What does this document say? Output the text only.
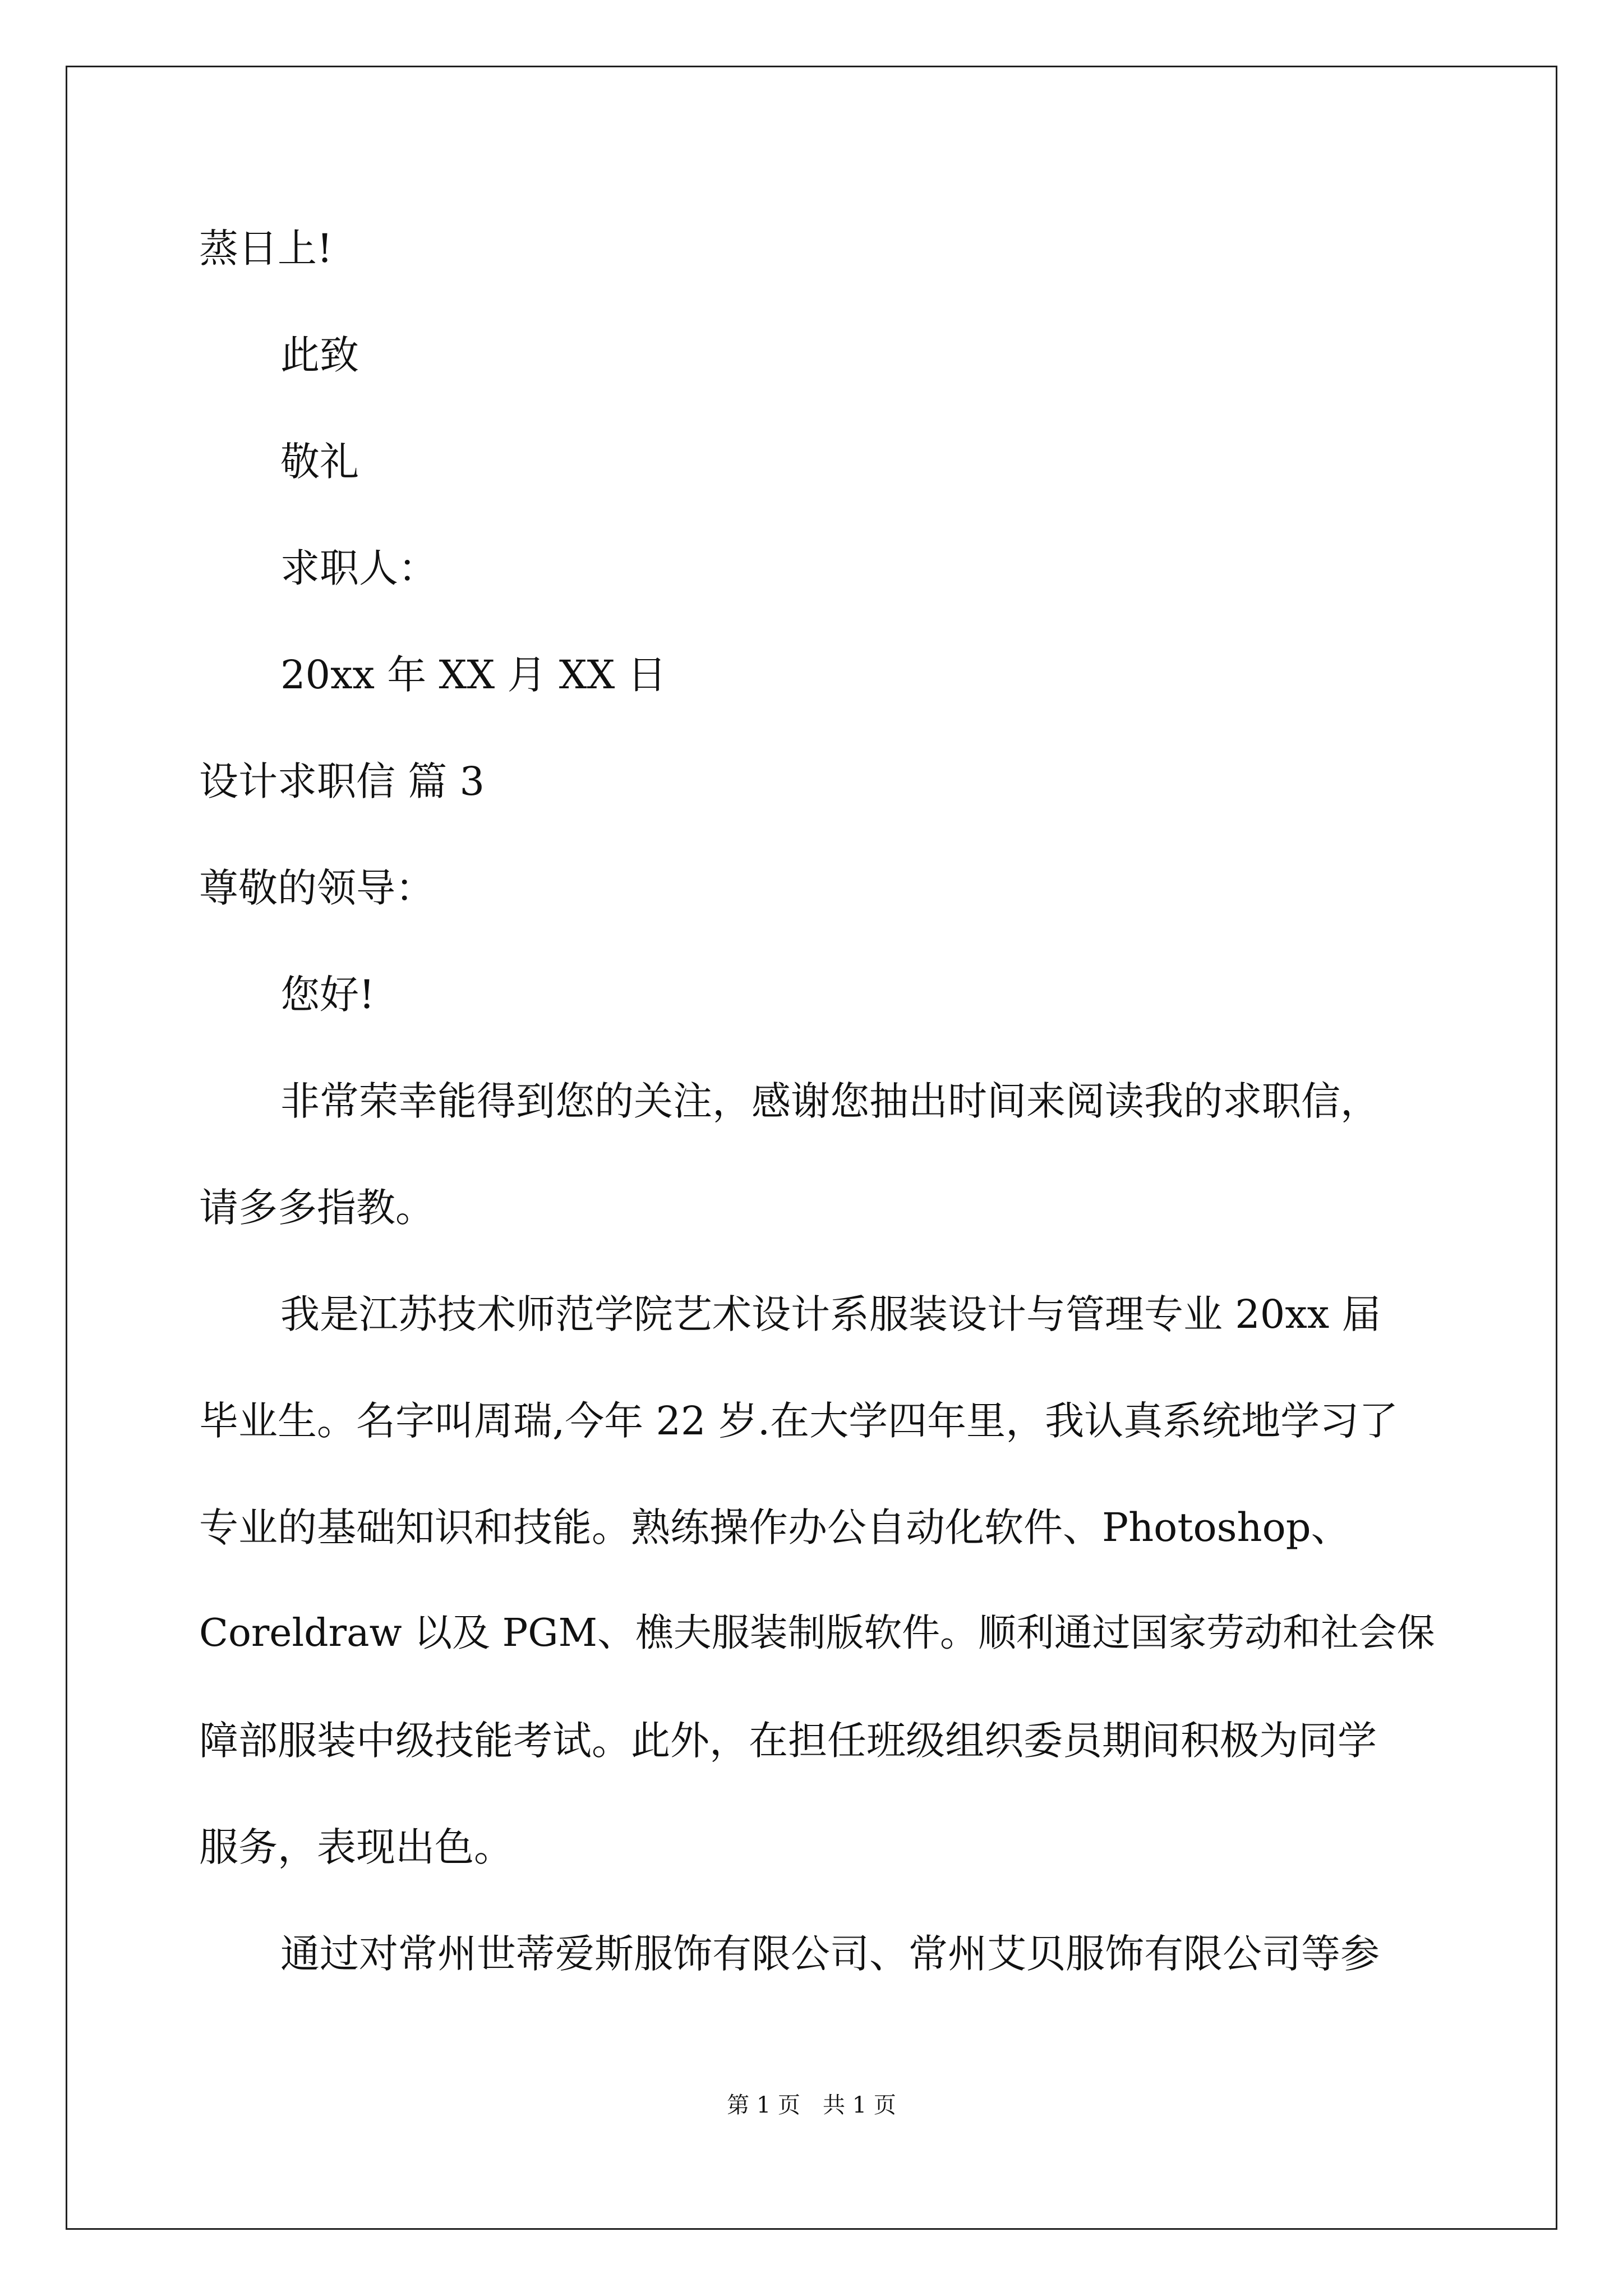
蒸日上!
此致
敬礼
求职人：
20xx 年 XX 月 XX 日
设计求职信 篇 3
尊敬的领导：
您好!
非常荣幸能得到您的关注，感谢您抽出时间来阅读我的求职信，
请多多指教。
我是江苏技术师范学院艺术设计系服装设计与管理专业 20xx 届
毕业生。名字叫周瑞,今年 22 岁.在大学四年里，我认真系统地学习了
专业的基础知识和技能。熟练操作办公自动化软件、Photoshop、
Coreldraw 以及 PGM、樵夫服装制版软件。顺利通过国家劳动和社会保
障部服装中级技能考试。此外，在担任班级组织委员期间积极为同学
服务，表现出色。
通过对常州世蒂爱斯服饰有限公司、常州艾贝服饰有限公司等参
第 1 页　共 1 页
